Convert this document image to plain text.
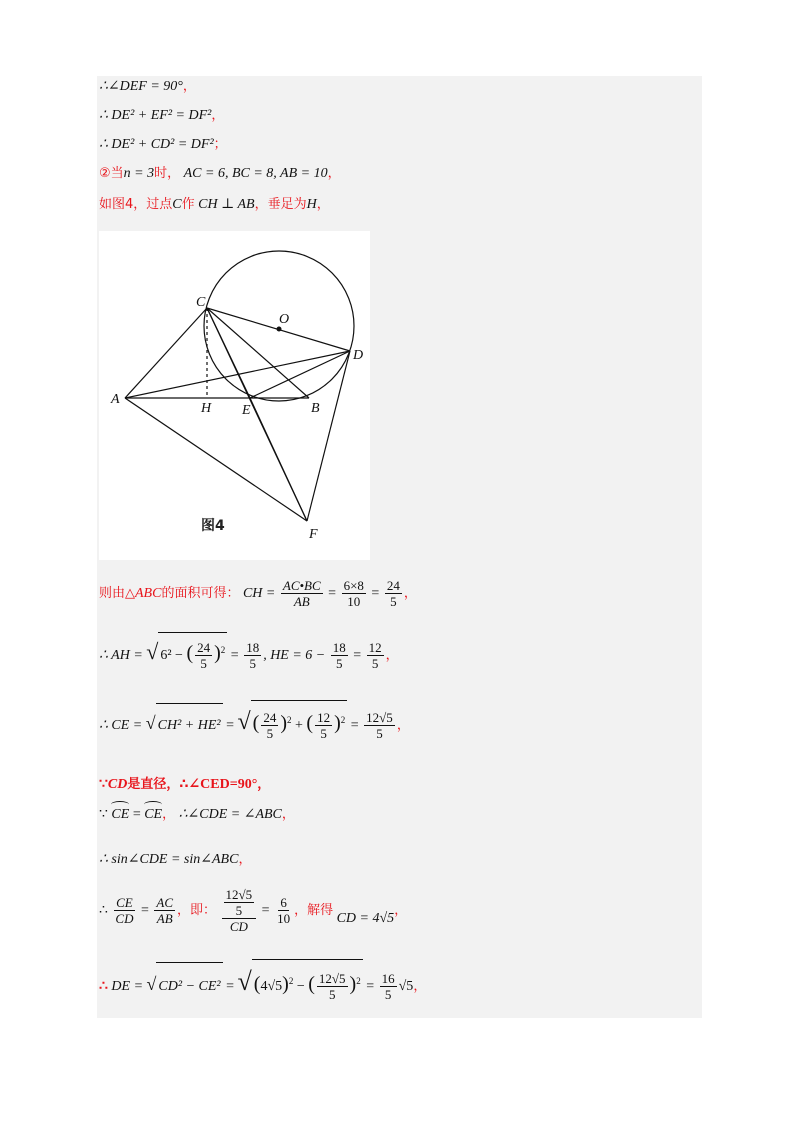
∴∠DEF = 90°，
∴ DE² + EF² = DF²，
∴ DE² + CD² = DF²；
②当n = 3时， AC = 6, BC = 8, AB = 10，
如图4，过点C作 CH ⊥ AB，垂足为H，
A
B
C
D
E
F
H
O
图4
则由△ABC的面积可得： CH = $\frac{AC•BC}{AB} = \frac{6\times 8}{10} = \frac{24}{5}$ ，
∴ AH = √ 6² − ( $\frac{24}{5} )^2 = \frac{18}{5}$ , HE = $6 - \frac{18}{5} = \frac{12}{5}$ ，
∴ CE = √ CH² + HE² = √ ( $\frac{24}{5} )^2$ + ( $\frac{12}{5} )^2 = \frac{12√5}{5}$ ，
∵CD是直径，∴∠CED=90°，
∵ CE = CE， ∴∠CDE = ∠ABC，
∴ sin∠CDE = sin∠ABC，
∴ $\frac{CE}{CD} = \frac{AC}{AB}$ ，即： $\frac{\frac{12√5}{5}}{CD} = \frac{6}{10}$ ，解得 CD = 4√5，
∴ DE = √ CD² − CE² = √ $(4√5)^2$ − ( $\frac{12√5}{5} )^2 = \frac{16}{5} √5$，
